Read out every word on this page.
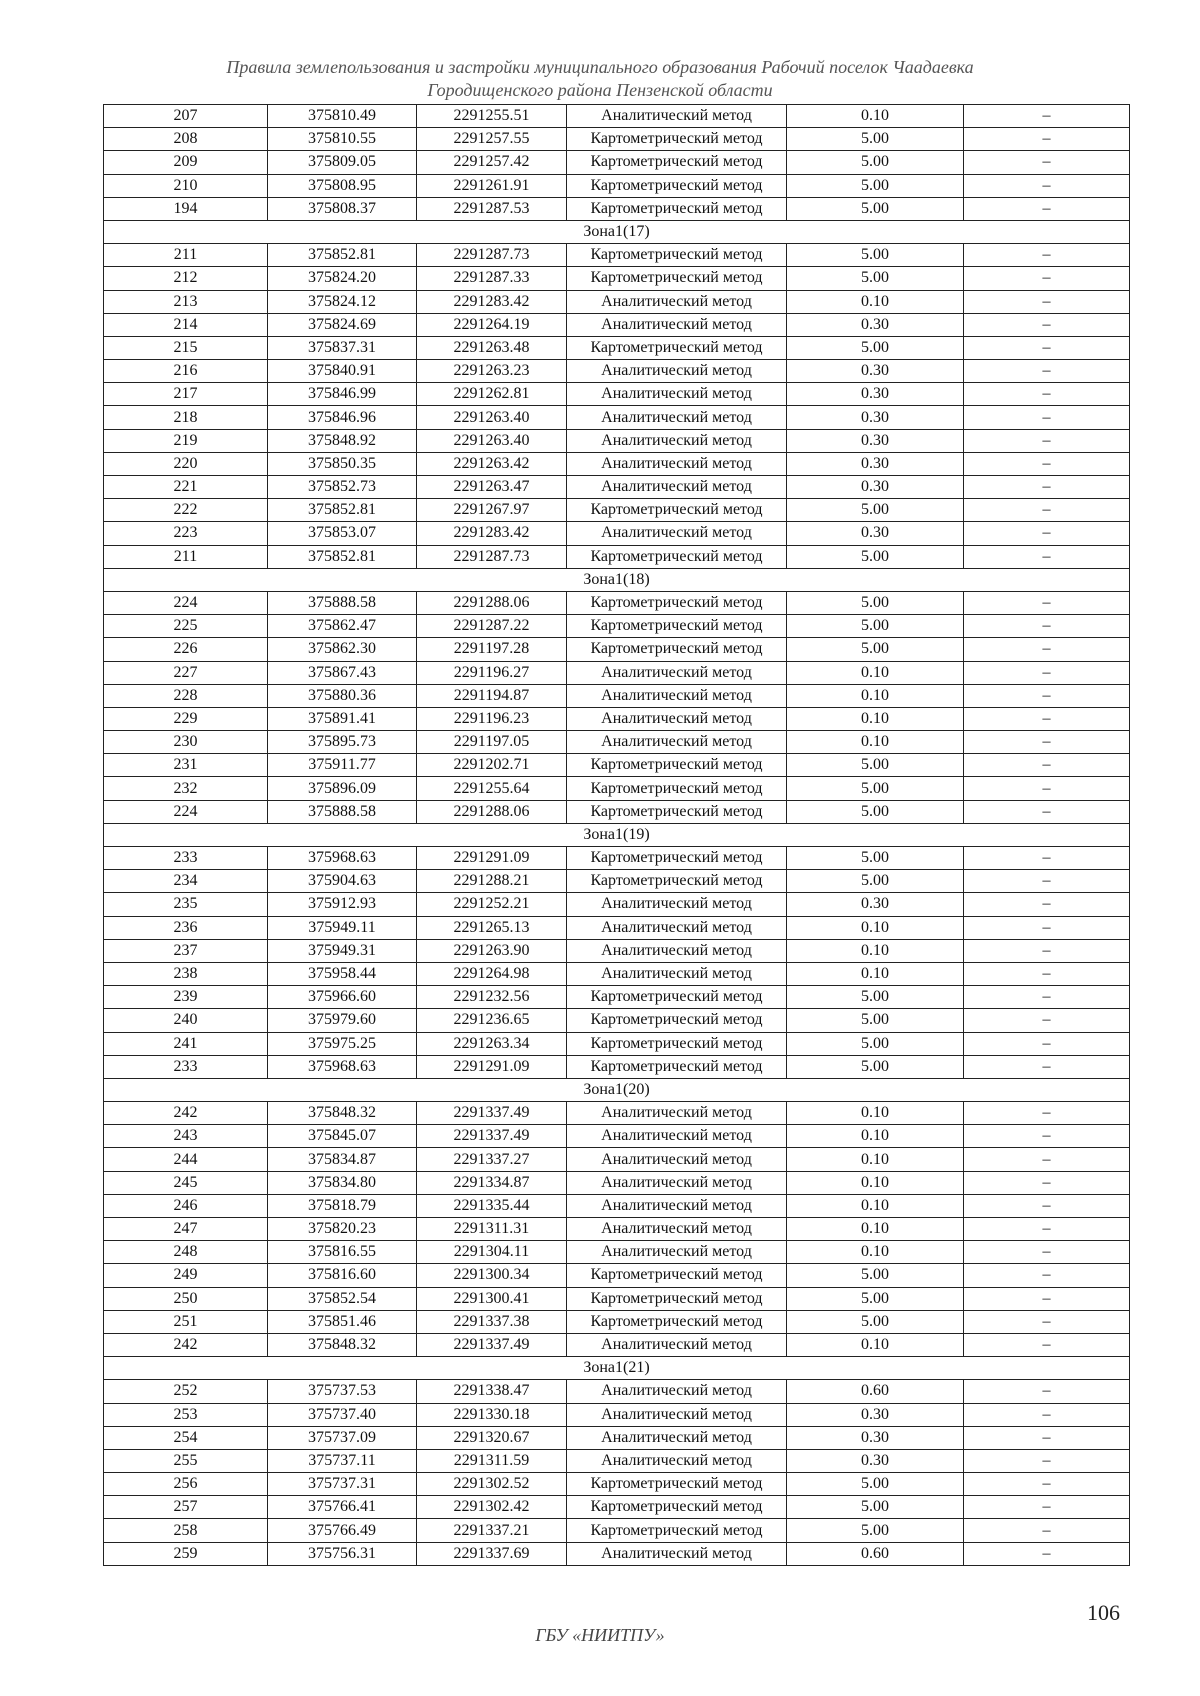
Правила землепользования и застройки муниципального образования Рабочий поселок Чаадаевка
Городищенского района Пензенской области
207	375810.49	2291255.51	Аналитический метод	0.10	–
208	375810.55	2291257.55	Картометрический метод	5.00	–
209	375809.05	2291257.42	Картометрический метод	5.00	–
210	375808.95	2291261.91	Картометрический метод	5.00	–
194	375808.37	2291287.53	Картометрический метод	5.00	–
Зона1(17)					
211	375852.81	2291287.73	Картометрический метод	5.00	–
212	375824.20	2291287.33	Картометрический метод	5.00	–
213	375824.12	2291283.42	Аналитический метод	0.10	–
214	375824.69	2291264.19	Аналитический метод	0.30	–
215	375837.31	2291263.48	Картометрический метод	5.00	–
216	375840.91	2291263.23	Аналитический метод	0.30	–
217	375846.99	2291262.81	Аналитический метод	0.30	–
218	375846.96	2291263.40	Аналитический метод	0.30	–
219	375848.92	2291263.40	Аналитический метод	0.30	–
220	375850.35	2291263.42	Аналитический метод	0.30	–
221	375852.73	2291263.47	Аналитический метод	0.30	–
222	375852.81	2291267.97	Картометрический метод	5.00	–
223	375853.07	2291283.42	Аналитический метод	0.30	–
211	375852.81	2291287.73	Картометрический метод	5.00	–
Зона1(18)					
224	375888.58	2291288.06	Картометрический метод	5.00	–
225	375862.47	2291287.22	Картометрический метод	5.00	–
226	375862.30	2291197.28	Картометрический метод	5.00	–
227	375867.43	2291196.27	Аналитический метод	0.10	–
228	375880.36	2291194.87	Аналитический метод	0.10	–
229	375891.41	2291196.23	Аналитический метод	0.10	–
230	375895.73	2291197.05	Аналитический метод	0.10	–
231	375911.77	2291202.71	Картометрический метод	5.00	–
232	375896.09	2291255.64	Картометрический метод	5.00	–
224	375888.58	2291288.06	Картометрический метод	5.00	–
Зона1(19)					
233	375968.63	2291291.09	Картометрический метод	5.00	–
234	375904.63	2291288.21	Картометрический метод	5.00	–
235	375912.93	2291252.21	Аналитический метод	0.30	–
236	375949.11	2291265.13	Аналитический метод	0.10	–
237	375949.31	2291263.90	Аналитический метод	0.10	–
238	375958.44	2291264.98	Аналитический метод	0.10	–
239	375966.60	2291232.56	Картометрический метод	5.00	–
240	375979.60	2291236.65	Картометрический метод	5.00	–
241	375975.25	2291263.34	Картометрический метод	5.00	–
233	375968.63	2291291.09	Картометрический метод	5.00	–
Зона1(20)					
242	375848.32	2291337.49	Аналитический метод	0.10	–
243	375845.07	2291337.49	Аналитический метод	0.10	–
244	375834.87	2291337.27	Аналитический метод	0.10	–
245	375834.80	2291334.87	Аналитический метод	0.10	–
246	375818.79	2291335.44	Аналитический метод	0.10	–
247	375820.23	2291311.31	Аналитический метод	0.10	–
248	375816.55	2291304.11	Аналитический метод	0.10	–
249	375816.60	2291300.34	Картометрический метод	5.00	–
250	375852.54	2291300.41	Картометрический метод	5.00	–
251	375851.46	2291337.38	Картометрический метод	5.00	–
242	375848.32	2291337.49	Аналитический метод	0.10	–
Зона1(21)					
252	375737.53	2291338.47	Аналитический метод	0.60	–
253	375737.40	2291330.18	Аналитический метод	0.30	–
254	375737.09	2291320.67	Аналитический метод	0.30	–
255	375737.11	2291311.59	Аналитический метод	0.30	–
256	375737.31	2291302.52	Картометрический метод	5.00	–
257	375766.41	2291302.42	Картометрический метод	5.00	–
258	375766.49	2291337.21	Картометрический метод	5.00	–
259	375756.31	2291337.69	Аналитический метод	0.60	–
106
ГБУ «НИИТПУ»
